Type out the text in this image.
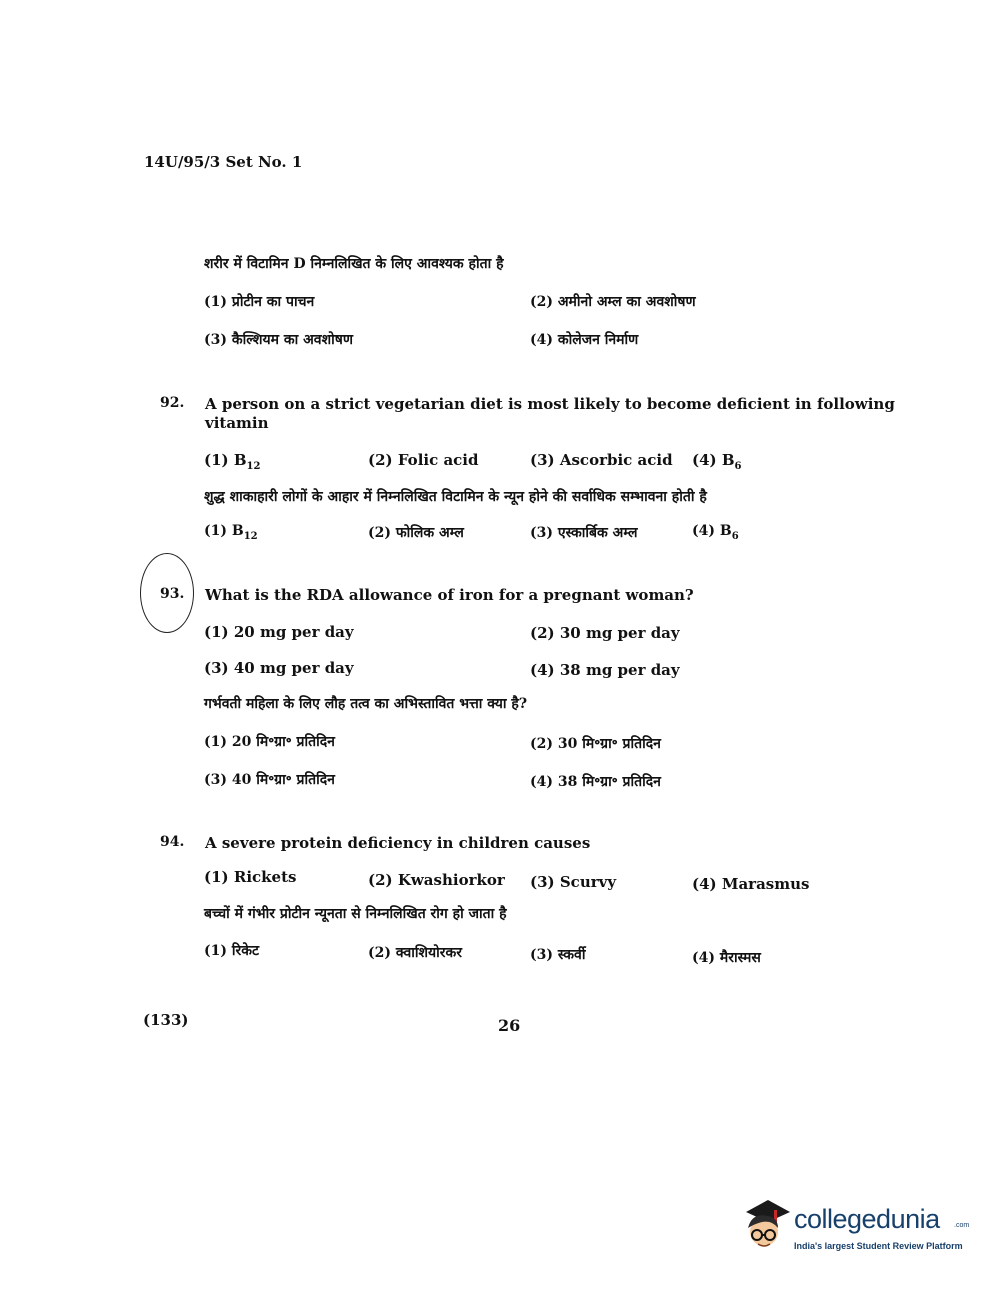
14U/95/3 Set No. 1
शरीर में विटामिन D निम्नलिखित के लिए आवश्यक होता है
(1) प्रोटीन का पाचन	(2) अमीनो अम्ल का अवशोषण
(3) कैल्शियम का अवशोषण	(4) कोलेजन निर्माण
92. A person on a strict vegetarian diet is most likely to become deficient in following
vitamin
(1) $B_{12}$	(2) Folic acid	(3) Ascorbic acid (4) $B_6$
शुद्ध शाकाहारी लोगों के आहार में निम्नलिखित विटामिन के न्यून होने की सर्वाधिक सम्भावना होती है
(1) $B_{12}$	(2) फोलिक अम्ल	(3) एस्कार्बिक अम्ल	(4) $B_6$
93. What is the RDA allowance of iron for a pregnant woman?
(1) 20 mg per day	(2) 30 mg per day
(3) 40 mg per day	(4) 38 mg per day
गर्भवती महिला के लिए लौह तत्व का अभिस्तावित भत्ता क्या है?
(1) 20 मि॰ग्रा॰ प्रतिदिन	(2) 30 मि॰ग्रा॰ प्रतिदिन
(3) 40 मि॰ग्रा॰ प्रतिदिन	(4) 38 मि॰ग्रा॰ प्रतिदिन
94. A severe protein deficiency in children causes
(1) Rickets	(2) Kwashiorkor (3) Scurvy	(4) Marasmus
बच्चों में गंभीर प्रोटीन न्यूनता से निम्नलिखित रोग हो जाता है
(1) रिकेट	(2) क्वाशियोरकर	(3) स्कर्वी	(4) मैरास्मस
(133)	26
collegedunia .com
India's largest Student Review Platform
